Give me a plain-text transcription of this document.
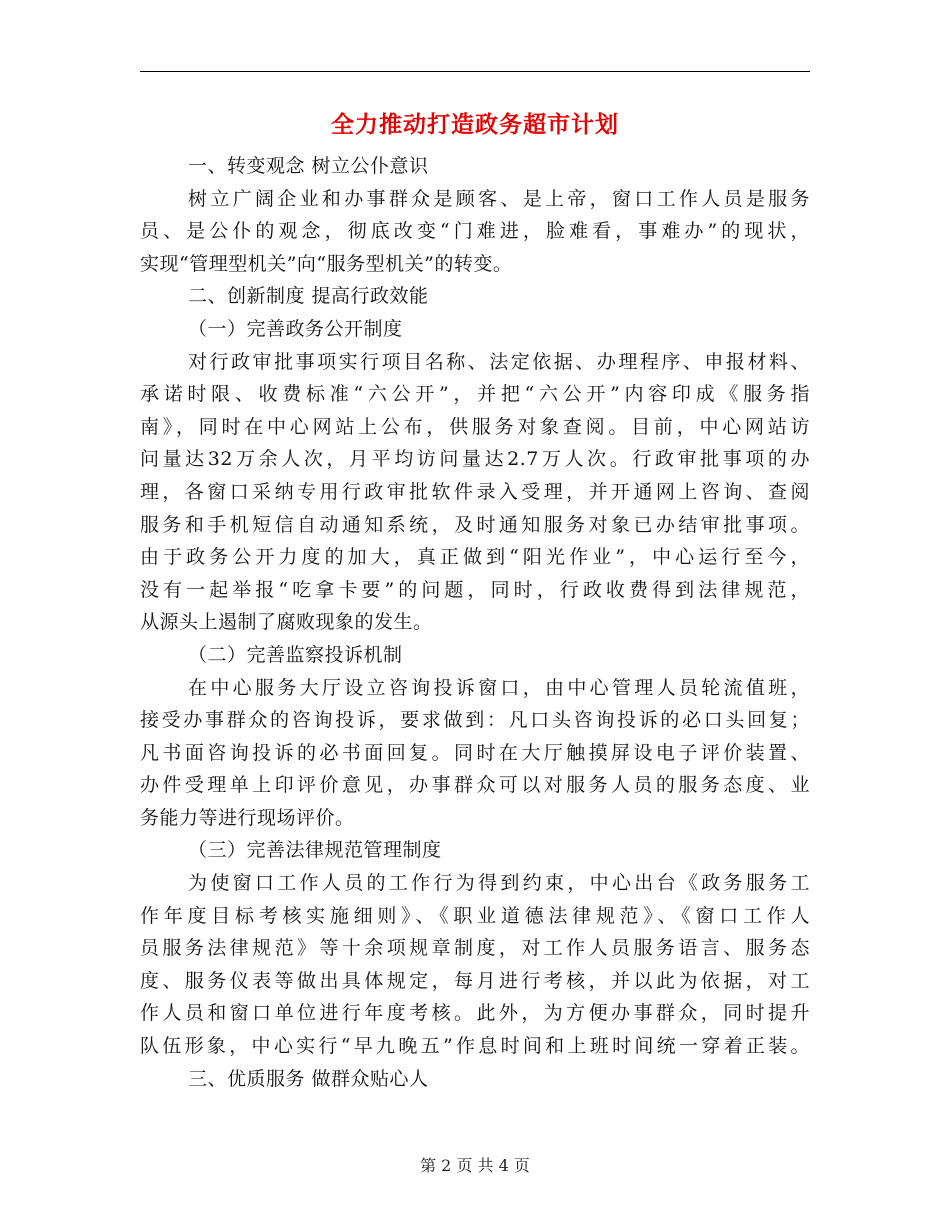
全力推动打造政务超市计划
一、转变观念 树立公仆意识
树立广阔企业和办事群众是顾客、是上帝，窗口工作人员是服务
员、是公仆的观念，彻底改变“门难进，脸难看，事难办”的现状，
实现“管理型机关”向“服务型机关”的转变。
二、创新制度 提高行政效能
（一）完善政务公开制度
对行政审批事项实行项目名称、法定依据、办理程序、申报材料、
承诺时限、收费标准“六公开”，并把“六公开”内容印成《服务指
南》，同时在中心网站上公布，供服务对象查阅。目前，中心网站访
问量达32万余人次，月平均访问量达2.7万人次。行政审批事项的办
理，各窗口采纳专用行政审批软件录入受理，并开通网上咨询、查阅
服务和手机短信自动通知系统，及时通知服务对象已办结审批事项。
由于政务公开力度的加大，真正做到“阳光作业”，中心运行至今，
没有一起举报“吃拿卡要”的问题，同时，行政收费得到法律规范，
从源头上遏制了腐败现象的发生。
（二）完善监察投诉机制
在中心服务大厅设立咨询投诉窗口，由中心管理人员轮流值班，
接受办事群众的咨询投诉，要求做到：凡口头咨询投诉的必口头回复；
凡书面咨询投诉的必书面回复。同时在大厅触摸屏设电子评价装置、
办件受理单上印评价意见，办事群众可以对服务人员的服务态度、业
务能力等进行现场评价。
（三）完善法律规范管理制度
为使窗口工作人员的工作行为得到约束，中心出台《政务服务工
作年度目标考核实施细则》、《职业道德法律规范》、《窗口工作人
员服务法律规范》等十余项规章制度，对工作人员服务语言、服务态
度、服务仪表等做出具体规定，每月进行考核，并以此为依据，对工
作人员和窗口单位进行年度考核。此外，为方便办事群众，同时提升
队伍形象，中心实行“早九晚五”作息时间和上班时间统一穿着正装。
三、优质服务 做群众贴心人
第 2 页 共 4 页
